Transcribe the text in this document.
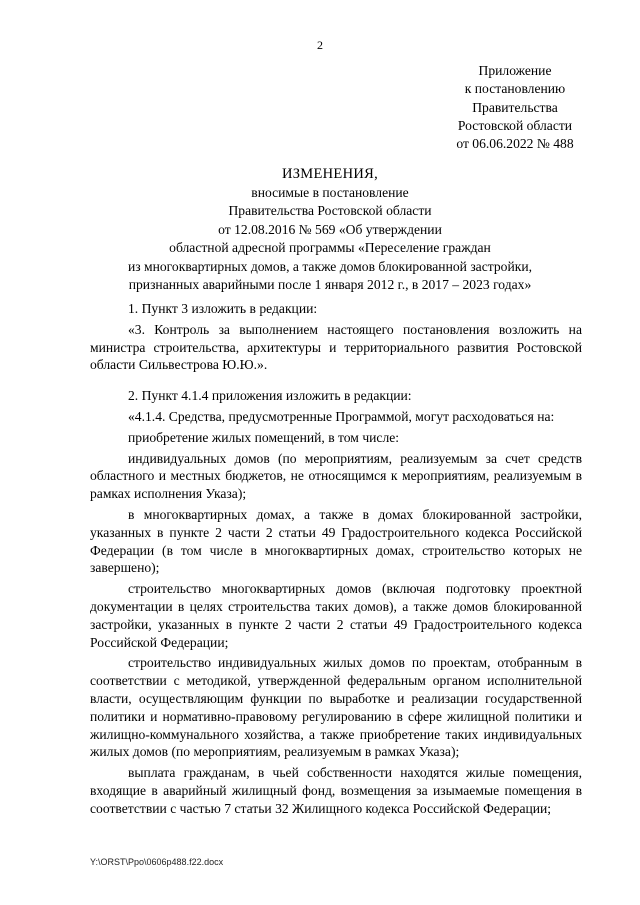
2
Приложение
к постановлению
Правительства
Ростовской области
от 06.06.2022 № 488
ИЗМЕНЕНИЯ,
вносимые в постановление
Правительства Ростовской области
от 12.08.2016 № 569 «Об утверждении
областной адресной программы «Переселение граждан
из многоквартирных домов, а также домов блокированной застройки,
признанных аварийными после 1 января 2012 г., в 2017 – 2023 годах»

1. Пункт 3 изложить в редакции:

«3. Контроль за выполнением настоящего постановления возложить на министра строительства, архитектуры и территориального развития Ростовской области Сильвестрова Ю.Ю.».

2. Пункт 4.1.4 приложения изложить в редакции:

«4.1.4. Средства, предусмотренные Программой, могут расходоваться на:

приобретение жилых помещений, в том числе:

индивидуальных домов (по мероприятиям, реализуемым за счет средств областного и местных бюджетов, не относящимся к мероприятиям, реализуемым в рамках исполнения Указа);

в многоквартирных домах, а также в домах блокированной застройки, указанных в пункте 2 части 2 статьи 49 Градостроительного кодекса Российской Федерации (в том числе в многоквартирных домах, строительство которых не завершено);

строительство многоквартирных домов (включая подготовку проектной документации в целях строительства таких домов), а также домов блокированной застройки, указанных в пункте 2 части 2 статьи 49 Градостроительного кодекса Российской Федерации;

строительство индивидуальных жилых домов по проектам, отобранным в соответствии с методикой, утвержденной федеральным органом исполнительной власти, осуществляющим функции по выработке и реализации государственной политики и нормативно-правовому регулированию в сфере жилищной политики и жилищно-коммунального хозяйства, а также приобретение таких индивидуальных жилых домов (по мероприятиям, реализуемым в рамках Указа);

выплата гражданам, в чьей собственности находятся жилые помещения, входящие в аварийный жилищный фонд, возмещения за изымаемые помещения в соответствии с частью 7 статьи 32 Жилищного кодекса Российской Федерации;

Y:\ORST\Ppo\0606p488.f22.docx
